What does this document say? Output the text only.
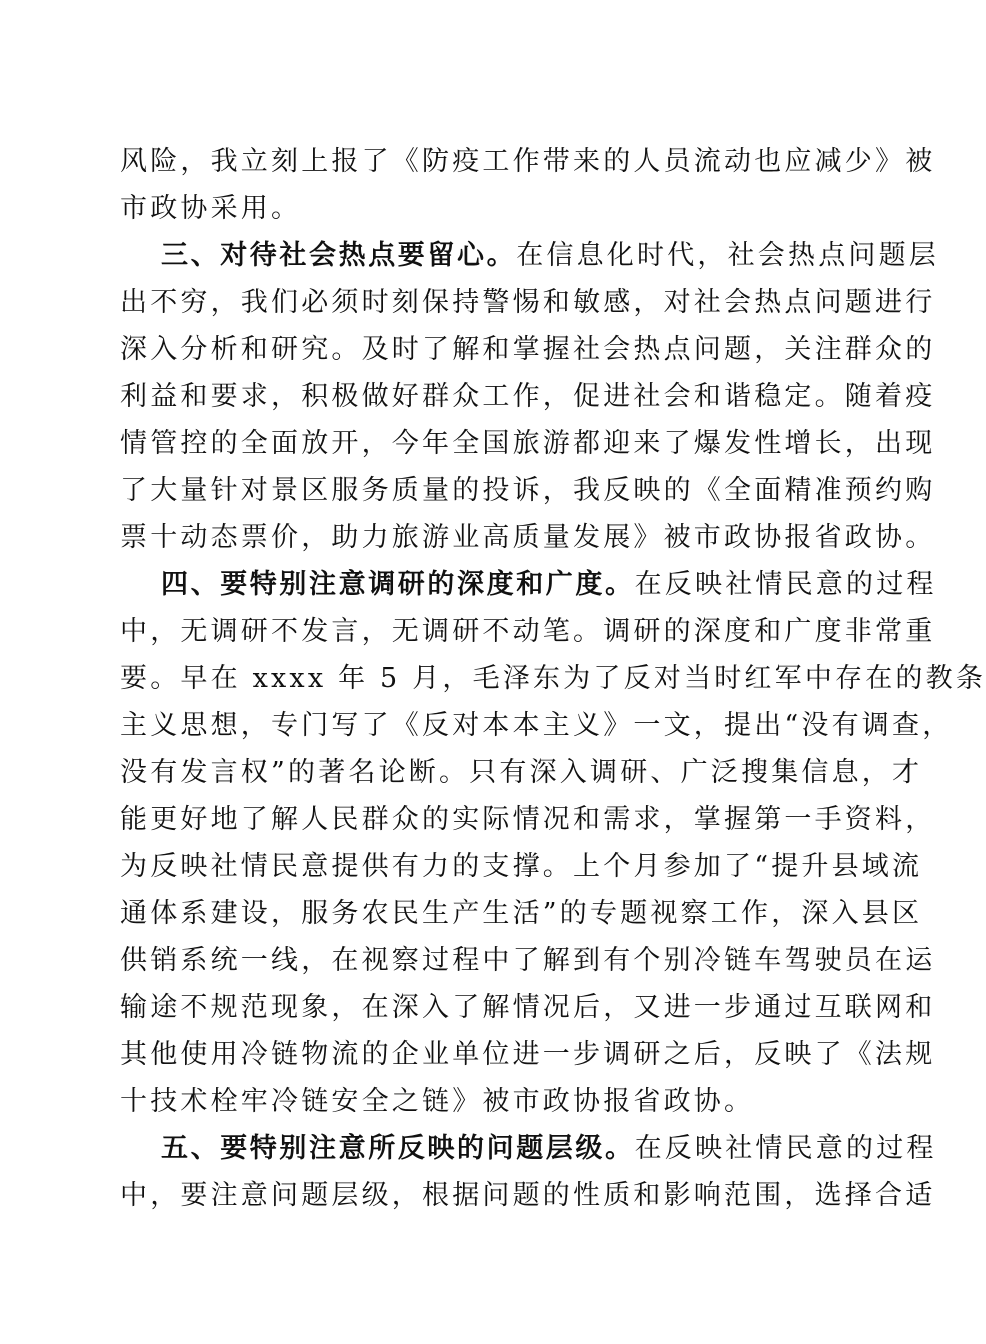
风险，我立刻上报了《防疫工作带来的人员流动也应减少》被
市政协采用。
三、对待社会热点要留心。在信息化时代，社会热点问题层
出不穷，我们必须时刻保持警惕和敏感，对社会热点问题进行
深入分析和研究。及时了解和掌握社会热点问题，关注群众的
利益和要求，积极做好群众工作，促进社会和谐稳定。随着疫
情管控的全面放开，今年全国旅游都迎来了爆发性增长，出现
了大量针对景区服务质量的投诉，我反映的《全面精准预约购
票十动态票价，助力旅游业高质量发展》被市政协报省政协。
四、要特别注意调研的深度和广度。在反映社情民意的过程
中，无调研不发言，无调研不动笔。调研的深度和广度非常重
要。早在 xxxx 年 5 月，毛泽东为了反对当时红军中存在的教条
主义思想，专门写了《反对本本主义》一文，提出“没有调查，
没有发言权”的著名论断。只有深入调研、广泛搜集信息，才
能更好地了解人民群众的实际情况和需求，掌握第一手资料，
为反映社情民意提供有力的支撑。上个月参加了“提升县域流
通体系建设，服务农民生产生活”的专题视察工作，深入县区
供销系统一线，在视察过程中了解到有个别冷链车驾驶员在运
输途不规范现象，在深入了解情况后，又进一步通过互联网和
其他使用冷链物流的企业单位进一步调研之后，反映了《法规
十技术栓牢冷链安全之链》被市政协报省政协。
五、要特别注意所反映的问题层级。在反映社情民意的过程
中，要注意问题层级，根据问题的性质和影响范围，选择合适
